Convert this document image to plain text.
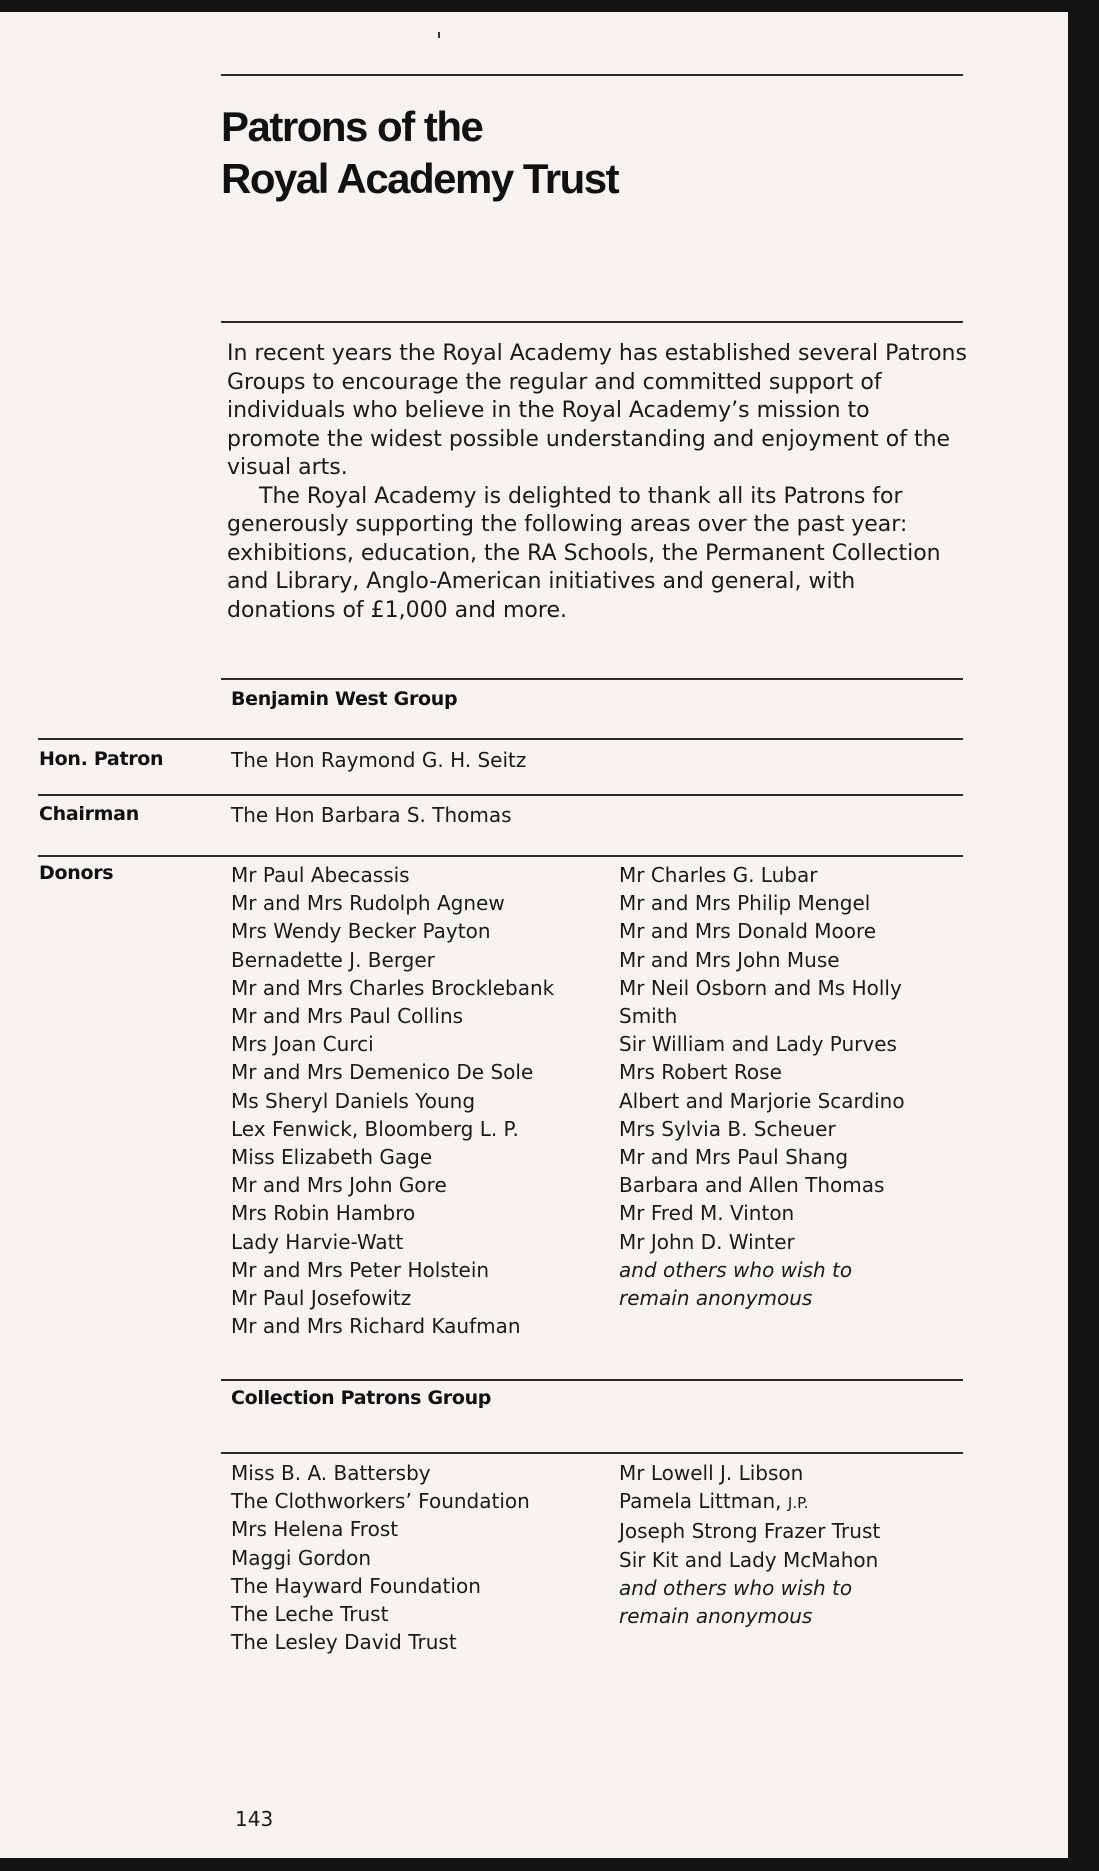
Patrons of the
Royal Academy Trust

In recent years the Royal Academy has established several Patrons Groups to encourage the regular and committed support of individuals who believe in the Royal Academy’s mission to promote the widest possible understanding and enjoyment of the visual arts.

The Royal Academy is delighted to thank all its Patrons for generously supporting the following areas over the past year: exhibitions, education, the RA Schools, the Permanent Collection and Library, Anglo-American initiatives and general, with donations of £1,000 and more.

Benjamin West Group
Hon. Patron	The Hon Raymond G. H. Seitz
Chairman	The Hon Barbara S. Thomas
Donors	Mr Paul Abecassis
Mr and Mrs Rudolph Agnew
Mrs Wendy Becker Payton
Bernadette J. Berger
Mr and Mrs Charles Brocklebank
Mr and Mrs Paul Collins
Mrs Joan Curci
Mr and Mrs Demenico De Sole
Ms Sheryl Daniels Young
Lex Fenwick, Bloomberg L. P.
Miss Elizabeth Gage
Mr and Mrs John Gore
Mrs Robin Hambro
Lady Harvie-Watt
Mr and Mrs Peter Holstein
Mr Paul Josefowitz
Mr and Mrs Richard Kaufman
Mr Charles G. Lubar
Mr and Mrs Philip Mengel
Mr and Mrs Donald Moore
Mr and Mrs John Muse
Mr Neil Osborn and Ms Holly
Smith
Sir William and Lady Purves
Mrs Robert Rose
Albert and Marjorie Scardino
Mrs Sylvia B. Scheuer
Mr and Mrs Paul Shang
Barbara and Allen Thomas
Mr Fred M. Vinton
Mr John D. Winter
and others who wish to remain anonymous
Collection Patrons Group
Miss B. A. Battersby
The Clothworkers’ Foundation
Mrs Helena Frost
Maggi Gordon
The Hayward Foundation
The Leche Trust
The Lesley David Trust
Mr Lowell J. Libson
Pamela Littman, J.P.
Joseph Strong Frazer Trust
Sir Kit and Lady McMahon
and others who wish to remain anonymous
143
